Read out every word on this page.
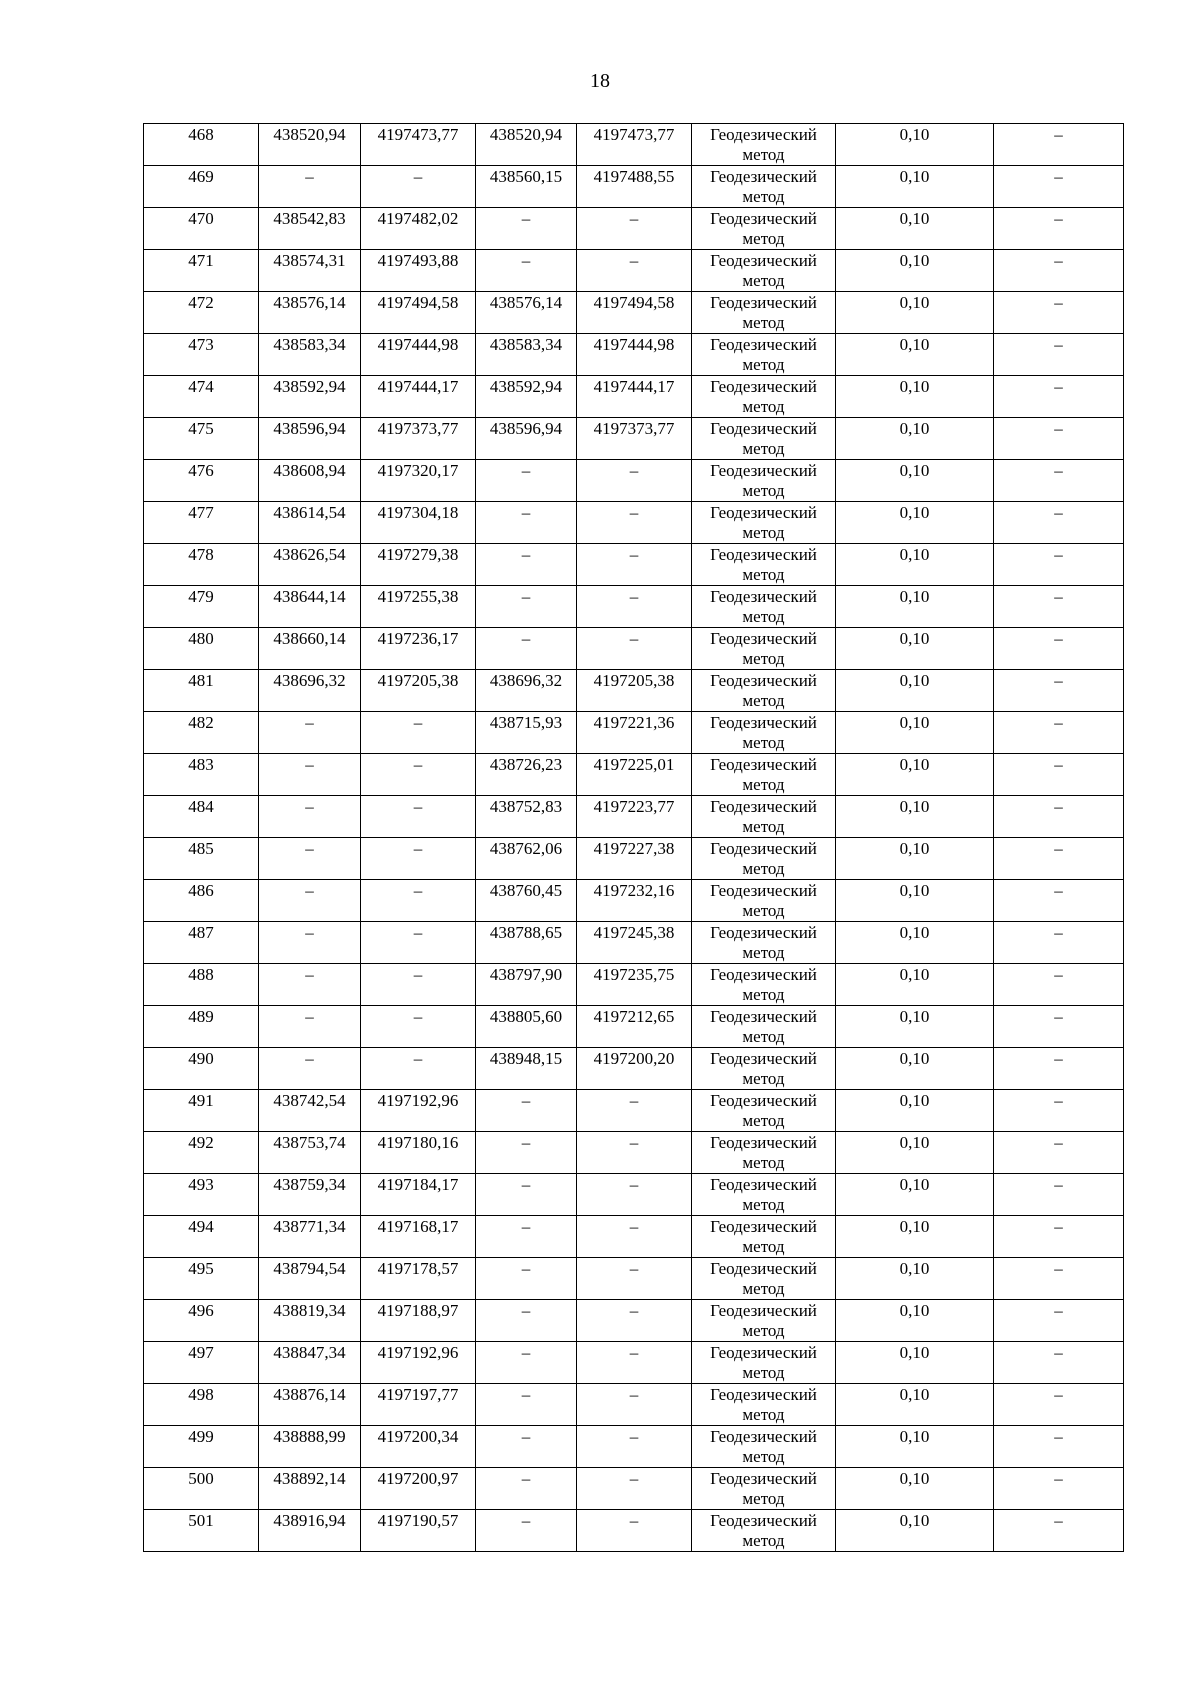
18
468	438520,94	4197473,77	438520,94	4197473,77	Геодезический метод	0,10	–
469	–	–	438560,15	4197488,55	Геодезический метод	0,10	–
470	438542,83	4197482,02	–	–	Геодезический метод	0,10	–
471	438574,31	4197493,88	–	–	Геодезический метод	0,10	–
472	438576,14	4197494,58	438576,14	4197494,58	Геодезический метод	0,10	–
473	438583,34	4197444,98	438583,34	4197444,98	Геодезический метод	0,10	–
474	438592,94	4197444,17	438592,94	4197444,17	Геодезический метод	0,10	–
475	438596,94	4197373,77	438596,94	4197373,77	Геодезический метод	0,10	–
476	438608,94	4197320,17	–	–	Геодезический метод	0,10	–
477	438614,54	4197304,18	–	–	Геодезический метод	0,10	–
478	438626,54	4197279,38	–	–	Геодезический метод	0,10	–
479	438644,14	4197255,38	–	–	Геодезический метод	0,10	–
480	438660,14	4197236,17	–	–	Геодезический метод	0,10	–
481	438696,32	4197205,38	438696,32	4197205,38	Геодезический метод	0,10	–
482	–	–	438715,93	4197221,36	Геодезический метод	0,10	–
483	–	–	438726,23	4197225,01	Геодезический метод	0,10	–
484	–	–	438752,83	4197223,77	Геодезический метод	0,10	–
485	–	–	438762,06	4197227,38	Геодезический метод	0,10	–
486	–	–	438760,45	4197232,16	Геодезический метод	0,10	–
487	–	–	438788,65	4197245,38	Геодезический метод	0,10	–
488	–	–	438797,90	4197235,75	Геодезический метод	0,10	–
489	–	–	438805,60	4197212,65	Геодезический метод	0,10	–
490	–	–	438948,15	4197200,20	Геодезический метод	0,10	–
491	438742,54	4197192,96	–	–	Геодезический метод	0,10	–
492	438753,74	4197180,16	–	–	Геодезический метод	0,10	–
493	438759,34	4197184,17	–	–	Геодезический метод	0,10	–
494	438771,34	4197168,17	–	–	Геодезический метод	0,10	–
495	438794,54	4197178,57	–	–	Геодезический метод	0,10	–
496	438819,34	4197188,97	–	–	Геодезический метод	0,10	–
497	438847,34	4197192,96	–	–	Геодезический метод	0,10	–
498	438876,14	4197197,77	–	–	Геодезический метод	0,10	–
499	438888,99	4197200,34	–	–	Геодезический метод	0,10	–
500	438892,14	4197200,97	–	–	Геодезический метод	0,10	–
501	438916,94	4197190,57	–	–	Геодезический метод	0,10	–
